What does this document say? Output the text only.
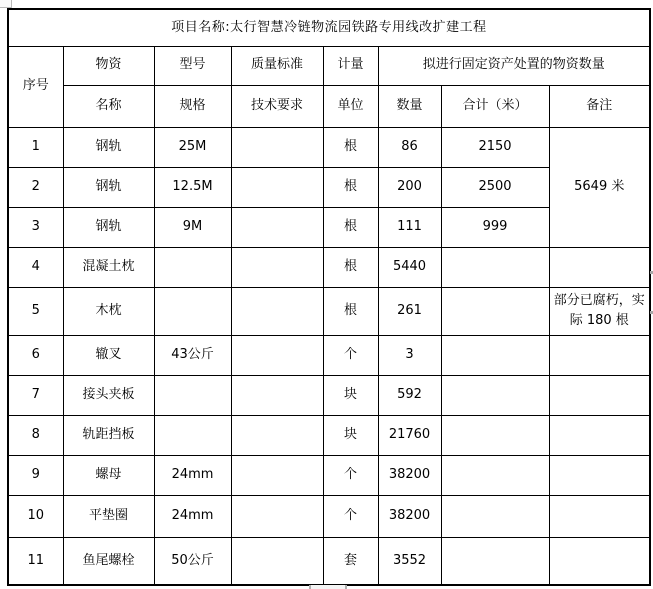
项目名称:太行智慧冷链物流园铁路专用线改扩建工程							
序号	物资	型号	质量标准	计量	拟进行固定资产处置的物资数量		
	名称	规格	技术要求	单位	数量	合计（米）	备注
1	钢轨	25M		根	86	2150	5649 米
2	钢轨	12.5M		根	200	2500	
3	钢轨	9M		根	111	999	
4	混凝土枕			根	5440		
5	木枕			根	261		部分已腐朽，实际 180 根
6	辙叉	43公斤		个	3		
7	接头夹板			块	592		
8	轨距挡板			块	21760		
9	螺母	24mm		个	38200		
10	平垫圈	24mm		个	38200		
11	鱼尾螺栓	50公斤		套	3552		
